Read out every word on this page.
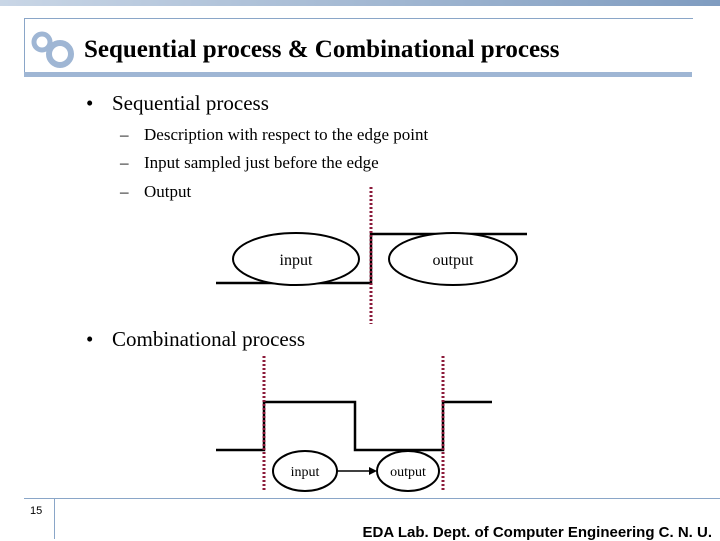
Sequential process & Combinational process
• Sequential process
– Description with respect to the edge point
– Input sampled just before the edge
– Output
input	output
• Combinational process
input	output
15
EDA Lab. Dept. of Computer Engineering C. N. U.
